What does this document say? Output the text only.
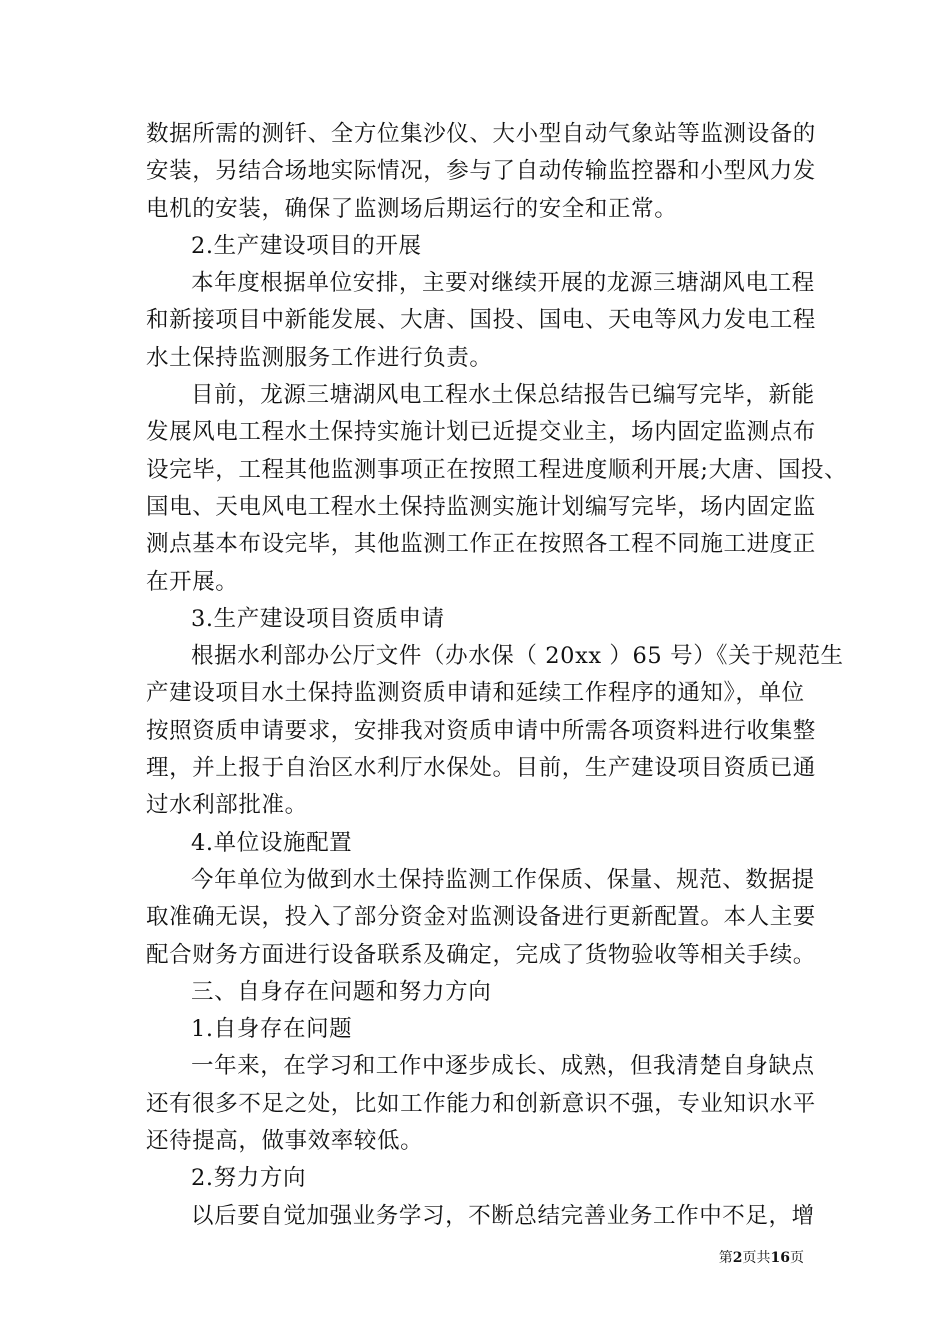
数据所需的测钎、全方位集沙仪、大小型自动气象站等监测设备的
安装，另结合场地实际情况，参与了自动传输监控器和小型风力发
电机的安装，确保了监测场后期运行的安全和正常。
2.生产建设项目的开展
本年度根据单位安排，主要对继续开展的龙源三塘湖风电工程
和新接项目中新能发展、大唐、国投、国电、天电等风力发电工程
水土保持监测服务工作进行负责。
目前，龙源三塘湖风电工程水土保总结报告已编写完毕，新能
发展风电工程水土保持实施计划已近提交业主，场内固定监测点布
设完毕，工程其他监测事项正在按照工程进度顺利开展;大唐、国投、
国电、天电风电工程水土保持监测实施计划编写完毕，场内固定监
测点基本布设完毕，其他监测工作正在按照各工程不同施工进度正
在开展。
3.生产建设项目资质申请
根据水利部办公厅文件（办水保（ 20xx ）65 号）《关于规范生
产建设项目水土保持监测资质申请和延续工作程序的通知》，单位
按照资质申请要求，安排我对资质申请中所需各项资料进行收集整
理，并上报于自治区水利厅水保处。目前，生产建设项目资质已通
过水利部批准。
4.单位设施配置
今年单位为做到水土保持监测工作保质、保量、规范、数据提
取准确无误，投入了部分资金对监测设备进行更新配置。本人主要
配合财务方面进行设备联系及确定，完成了货物验收等相关手续。
三、自身存在问题和努力方向
1.自身存在问题
一年来，在学习和工作中逐步成长、成熟，但我清楚自身缺点
还有很多不足之处，比如工作能力和创新意识不强，专业知识水平
还待提高，做事效率较低。
2.努力方向
以后要自觉加强业务学习，不断总结完善业务工作中不足，增
第2页共16页
